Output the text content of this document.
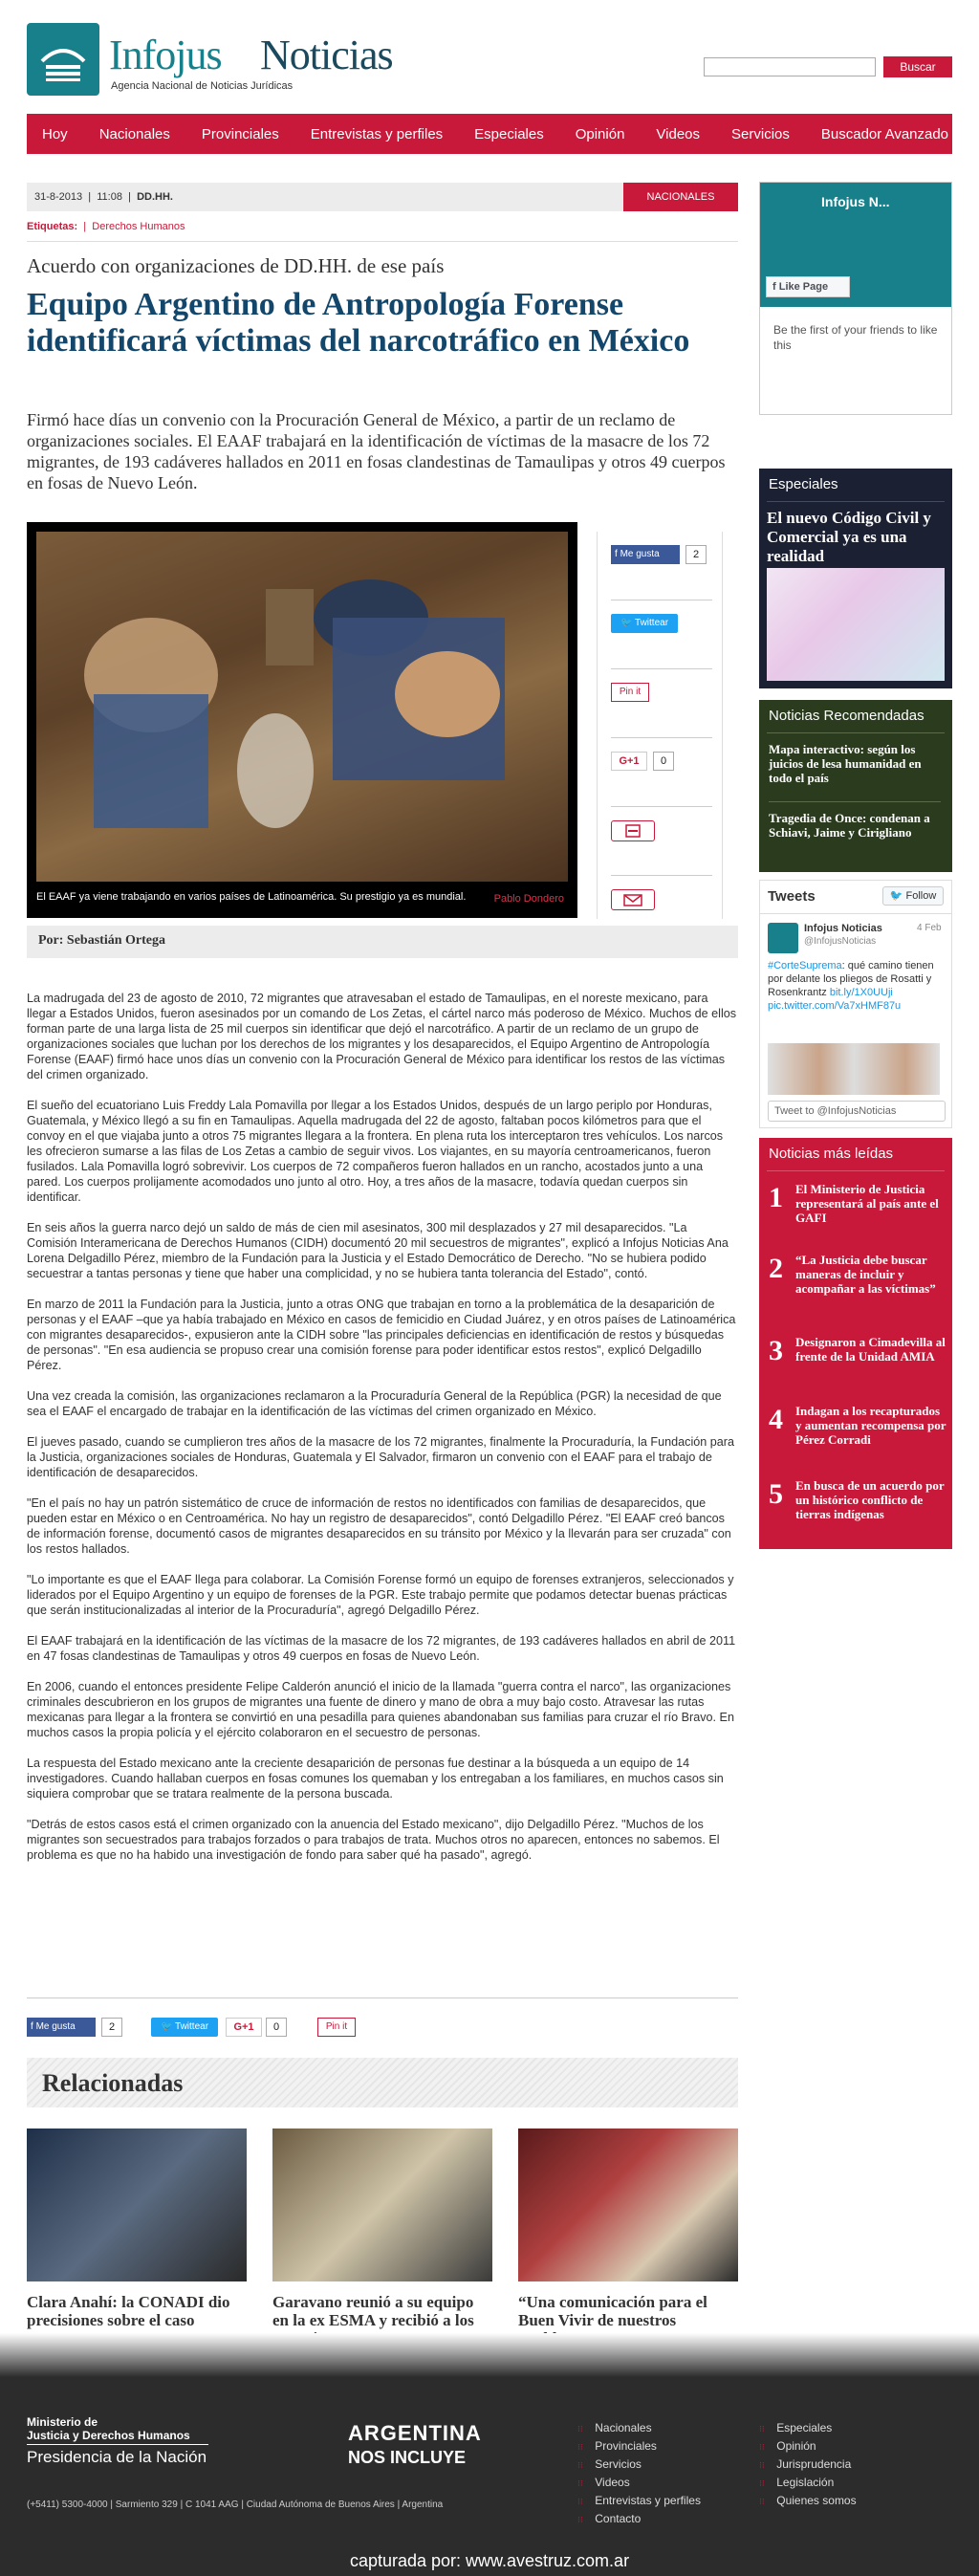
Infojus Noticias
Agencia Nacional de Noticias Jurídicas
Buscar
Hoy Nacionales Provinciales Entrevistas y perfiles Especiales Opinión Videos Servicios Buscador Avanzado
31-8-2013  |  11:08  |  DD.HH.	NACIONALES
Etiquetas:  |  Derechos Humanos
Acuerdo con organizaciones de DD.HH. de ese país
Equipo Argentino de Antropología Forense identificará víctimas del narcotráfico en México

Firmó hace días un convenio con la Procuración General de México, a partir de un reclamo de organizaciones sociales. El EAAF trabajará en la identificación de víctimas de la masacre de los 72 migrantes, de 193 cadáveres hallados en 2011 en fosas clandestinas de Tamaulipas y otros 49 cuerpos en fosas de Nuevo León.

El EAAF ya viene trabajando en varios países de Latinoamérica. Su prestigio ya es mundial.	Pablo Dondero
f Me gusta	2
🐦 Twittear
Pin it
G+1	0
Por: Sebastián Ortega

La madrugada del 23 de agosto de 2010, 72 migrantes que atravesaban el estado de Tamaulipas, en el noreste mexicano, para llegar a Estados Unidos, fueron asesinados por un comando de Los Zetas, el cártel narco más poderoso de México. Muchos de ellos forman parte de una larga lista de 25 mil cuerpos sin identificar que dejó el narcotráfico. A partir de un reclamo de un grupo de organizaciones sociales que luchan por los derechos de los migrantes y los desaparecidos, el Equipo Argentino de Antropología Forense (EAAF) firmó hace unos días un convenio con la Procuración General de México para identificar los restos de las víctimas del crimen organizado.

El sueño del ecuatoriano Luis Freddy Lala Pomavilla por llegar a los Estados Unidos, después de un largo periplo por Honduras, Guatemala, y México llegó a su fin en Tamaulipas. Aquella madrugada del 22 de agosto, faltaban pocos kilómetros para que el convoy en el que viajaba junto a otros 75 migrantes llegara a la frontera. En plena ruta los interceptaron tres vehículos. Los narcos les ofrecieron sumarse a las filas de Los Zetas a cambio de seguir vivos. Los viajantes, en su mayoría centroamericanos, fueron fusilados. Lala Pomavilla logró sobrevivir. Los cuerpos de 72 compañeros fueron hallados en un rancho, acostados junto a una pared. Los cuerpos prolijamente acomodados uno junto al otro. Hoy, a tres años de la masacre, todavía quedan cuerpos sin identificar.

En seis años la guerra narco dejó un saldo de más de cien mil asesinatos, 300 mil desplazados y 27 mil desaparecidos. "La Comisión Interamericana de Derechos Humanos (CIDH) documentó 20 mil secuestros de migrantes", explicó a Infojus Noticias Ana Lorena Delgadillo Pérez, miembro de la Fundación para la Justicia y el Estado Democrático de Derecho. "No se hubiera podido secuestrar a tantas personas y tiene que haber una complicidad, y no se hubiera tanta tolerancia del Estado", contó.

En marzo de 2011 la Fundación para la Justicia, junto a otras ONG que trabajan en torno a la problemática de la desaparición de personas y el EAAF –que ya había trabajado en México en casos de femicidio en Ciudad Juárez, y en otros países de Latinoamérica con migrantes desaparecidos-, expusieron ante la CIDH sobre "las principales deficiencias en identificación de restos y búsquedas de personas". "En esa audiencia se propuso crear una comisión forense para poder identificar estos restos", explicó Delgadillo Pérez.

Una vez creada la comisión, las organizaciones reclamaron a la Procuraduría General de la República (PGR) la necesidad de que sea el EAAF el encargado de trabajar en la identificación de las víctimas del crimen organizado en México.

El jueves pasado, cuando se cumplieron tres años de la masacre de los 72 migrantes, finalmente la Procuraduría, la Fundación para la Justicia, organizaciones sociales de Honduras, Guatemala y El Salvador, firmaron un convenio con el EAAF para el trabajo de identificación de desaparecidos.

"En el país no hay un patrón sistemático de cruce de información de restos no identificados con familias de desaparecidos, que pueden estar en México o en Centroamérica. No hay un registro de desaparecidos", contó Delgadillo Pérez. "El EAAF creó bancos de información forense, documentó casos de migrantes desaparecidos en su tránsito por México y la llevarán para ser cruzada" con los restos hallados.

"Lo importante es que el EAAF llega para colaborar. La Comisión Forense formó un equipo de forenses extranjeros, seleccionados y liderados por el Equipo Argentino y un equipo de forenses de la PGR. Este trabajo permite que podamos detectar buenas prácticas que serán institucionalizadas al interior de la Procuraduría", agregó Delgadillo Pérez.

El EAAF trabajará en la identificación de las víctimas de la masacre de los 72 migrantes, de 193 cadáveres hallados en abril de 2011 en 47 fosas clandestinas de Tamaulipas y otros 49 cuerpos en fosas de Nuevo León.

En 2006, cuando el entonces presidente Felipe Calderón anunció el inicio de la llamada "guerra contra el narco", las organizaciones criminales descubrieron en los grupos de migrantes una fuente de dinero y mano de obra a muy bajo costo. Atravesar las rutas mexicanas para llegar a la frontera se convirtió en una pesadilla para quienes abandonaban sus familias para cruzar el río Bravo. En muchos casos la propia policía y el ejército colaboraron en el secuestro de personas.

La respuesta del Estado mexicano ante la creciente desaparición de personas fue destinar a la búsqueda a un equipo de 14 investigadores. Cuando hallaban cuerpos en fosas comunes los quemaban y los entregaban a los familiares, en muchos casos sin siquiera comprobar que se tratara realmente de la persona buscada.

"Detrás de estos casos está el crimen organizado con la anuencia del Estado mexicano", dijo Delgadillo Pérez. "Muchos de los migrantes son secuestrados para trabajos forzados o para trabajos de trata. Muchos otros no aparecen, entonces no sabemos. El problema es que no ha habido una investigación de fondo para saber qué ha pasado", agregó.

f Me gusta	2	🐦 Twittear	G+1	0	Pin it
Relacionadas
Clara Anahí: la CONADI dio precisiones sobre el caso
Garavano reunió a su equipo en la ex ESMA y recibió a los
“Una comunicación para el Buen Vivir de nuestros
Infojus N...
f Like Page
Be the first of your friends to like this
Especiales
El nuevo Código Civil y Comercial ya es una realidad
Noticias Recomendadas
Mapa interactivo: según los juicios de lesa humanidad en todo el país
Tragedia de Once: condenan a Schiavi, Jaime y Cirigliano
Tweets	🐦 Follow
Infojus Noticias	4 Feb
@InfojusNoticias
#CorteSuprema: qué camino tienen por delante los pliegos de Rosatti y Rosenkrantz bit.ly/1X0UUji pic.twitter.com/Va7xHMF87u
Tweet to @InfojusNoticias
Noticias más leídas
1 El Ministerio de Justicia representará al país ante el GAFI
2 “La Justicia debe buscar maneras de incluir y acompañar a las víctimas”
3 Designaron a Cimadevilla al frente de la Unidad AMIA
4 Indagan a los recapturados y aumentan recompensa por Pérez Corradi
5 En busca de un acuerdo por un histórico conflicto de tierras indígenas
Ministerio de
Justicia y Derechos Humanos
Presidencia de la Nación
ARGENTINA
NOS INCLUYE
(+5411) 5300-4000 | Sarmiento 329 | C 1041 AAG | Ciudad Autónoma de Buenos Aires | Argentina
⁝⁝ Nacionales
⁝⁝ Provinciales
⁝⁝ Servicios
⁝⁝ Videos
⁝⁝ Entrevistas y perfiles
⁝⁝ Contacto
⁝⁝ Especiales
⁝⁝ Opinión
⁝⁝ Jurisprudencia
⁝⁝ Legislación
⁝⁝ Quienes somos
capturada por: www.avestruz.com.ar
